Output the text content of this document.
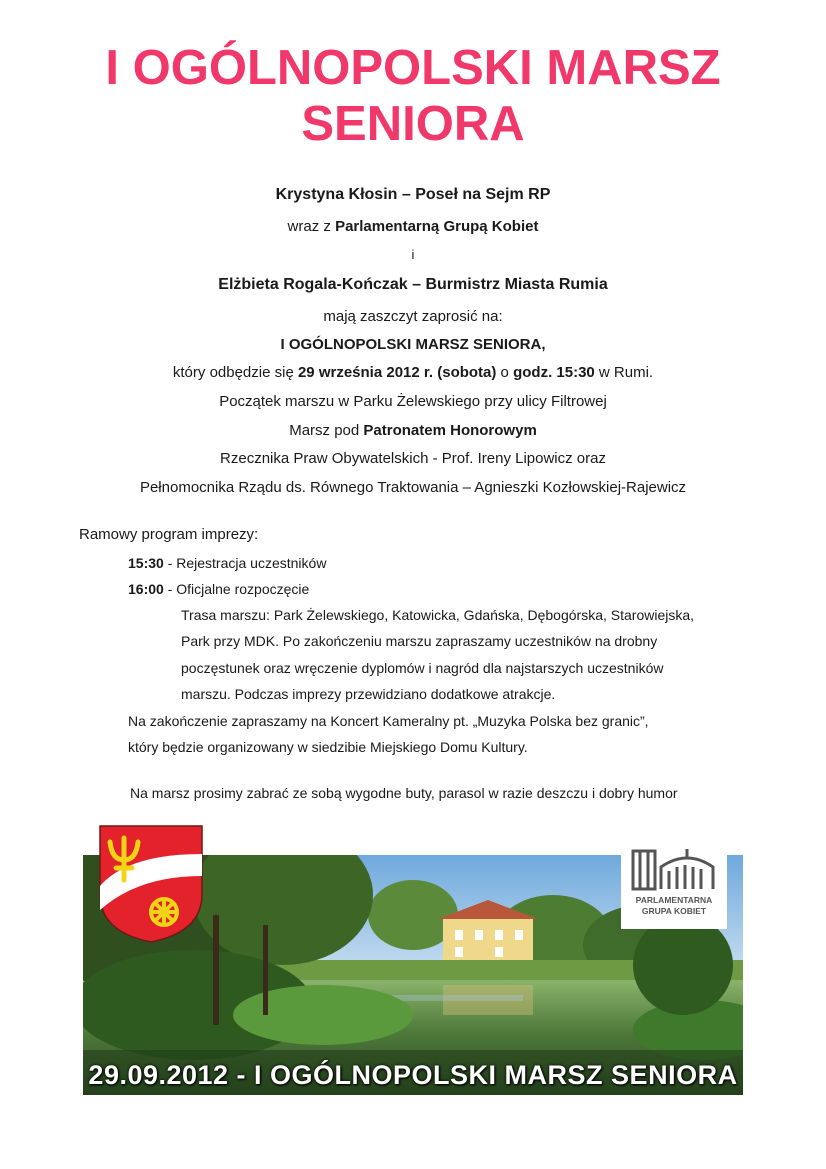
I OGÓLNOPOLSKI MARSZ
SENIORA
Krystyna Kłosin – Poseł na Sejm RP
wraz z Parlamentarną Grupą Kobiet
i
Elżbieta Rogala-Kończak – Burmistrz Miasta Rumia
mają zaszczyt zaprosić na:
I OGÓLNOPOLSKI MARSZ SENIORA,
który odbędzie się 29 września 2012 r. (sobota) o godz. 15:30 w Rumi.
Początek marszu w Parku Żelewskiego przy ulicy Filtrowej
Marsz pod Patronatem Honorowym
Rzecznika Praw Obywatelskich - Prof. Ireny Lipowicz oraz
Pełnomocnika Rządu ds. Równego Traktowania – Agnieszki Kozłowskiej-Rajewicz
Ramowy program imprezy:
15:30 - Rejestracja uczestników
16:00 - Oficjalne rozpoczęcie
Trasa marszu: Park Żelewskiego, Katowicka, Gdańska, Dębogórska, Starowiejska,
Park przy MDK. Po zakończeniu marszu zapraszamy uczestników na drobny
poczęstunek oraz wręczenie dyplomów i nagród dla najstarszych uczestników
marszu. Podczas imprezy przewidziano dodatkowe atrakcje.
Na zakończenie zapraszamy na Koncert Kameralny pt. „Muzyka Polska bez granic”,
który będzie organizowany w siedzibie Miejskiego Domu Kultury.
Na marsz prosimy zabrać ze sobą wygodne buty, parasol w razie deszczu i dobry humor
29.09.2012 - I OGÓLNOPOLSKI MARSZ SENIORA
PARLAMENTARNA
GRUPA KOBIET
